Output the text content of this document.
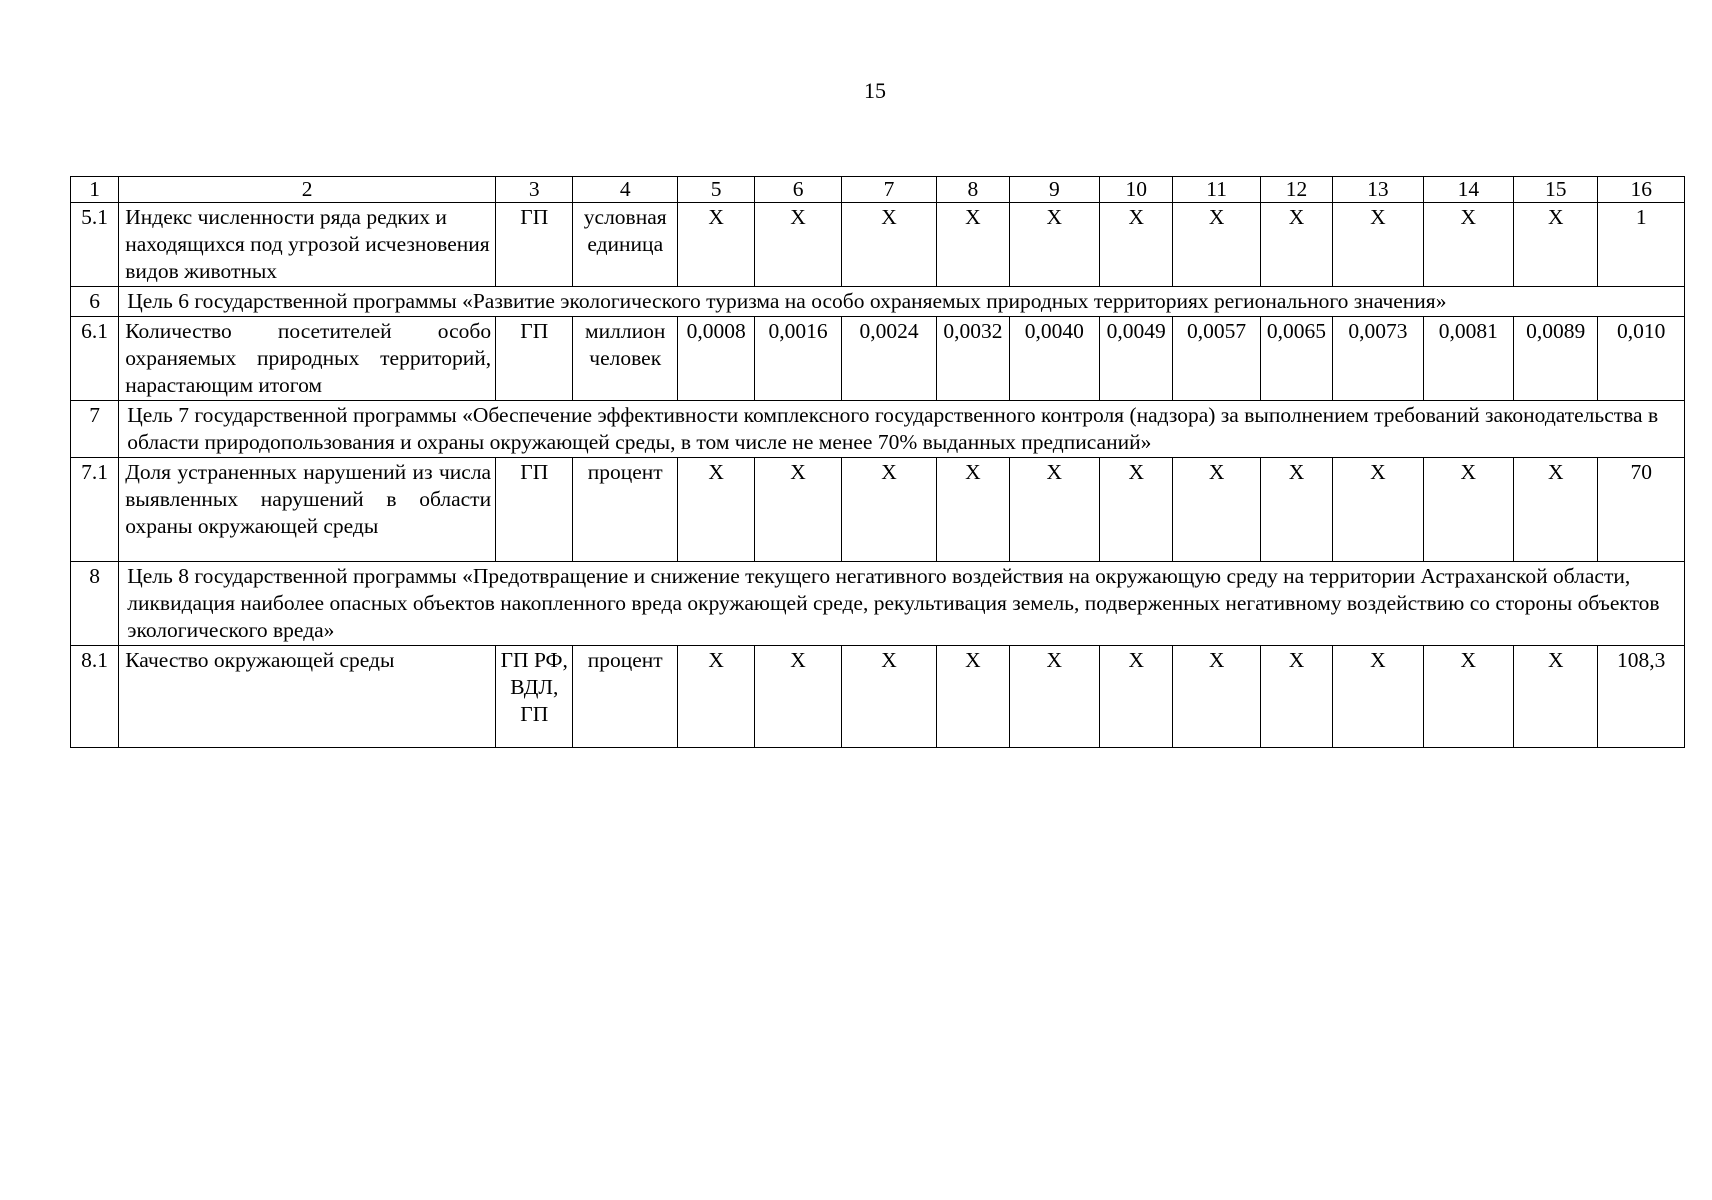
15
1	2	3	4	5	6	7	8	9	10	11	12	13	14	15	16
5.1	Индекс численности ряда редких и находящихся под угрозой исчезновения видов животных	ГП	условная единица	Х	Х	Х	Х	Х	Х	Х	Х	Х	Х	Х	1
6	Цель 6 государственной программы «Развитие экологического туризма на особо охраняемых природных территориях регионального значения»														
6.1	Количество посетителей особо охраняемых природных территорий, нарастающим итогом	ГП	миллион человек	0,0008	0,0016	0,0024	0,0032	0,0040	0,0049	0,0057	0,0065	0,0073	0,0081	0,0089	0,010
7	Цель 7 государственной программы «Обеспечение эффективности комплексного государственного контроля (надзора) за выполнением требований законодательства в области природопользования и охраны окружающей среды, в том числе не менее 70% выданных предписаний»														
7.1	Доля устраненных нарушений из числа выявленных нарушений в области охраны окружающей среды	ГП	процент	Х	Х	Х	Х	Х	Х	Х	Х	Х	Х	Х	70
8	Цель 8 государственной программы «Предотвращение и снижение текущего негативного воздействия на окружающую среду на территории Астраханской области, ликвидация наиболее опасных объектов накопленного вреда окружающей среде, рекультивация земель, подверженных негативному воздействию со стороны объектов экологического вреда»														
8.1	Качество окружающей среды	ГП РФ, ВДЛ, ГП	процент	Х	Х	Х	Х	Х	Х	Х	Х	Х	Х	Х	108,3
